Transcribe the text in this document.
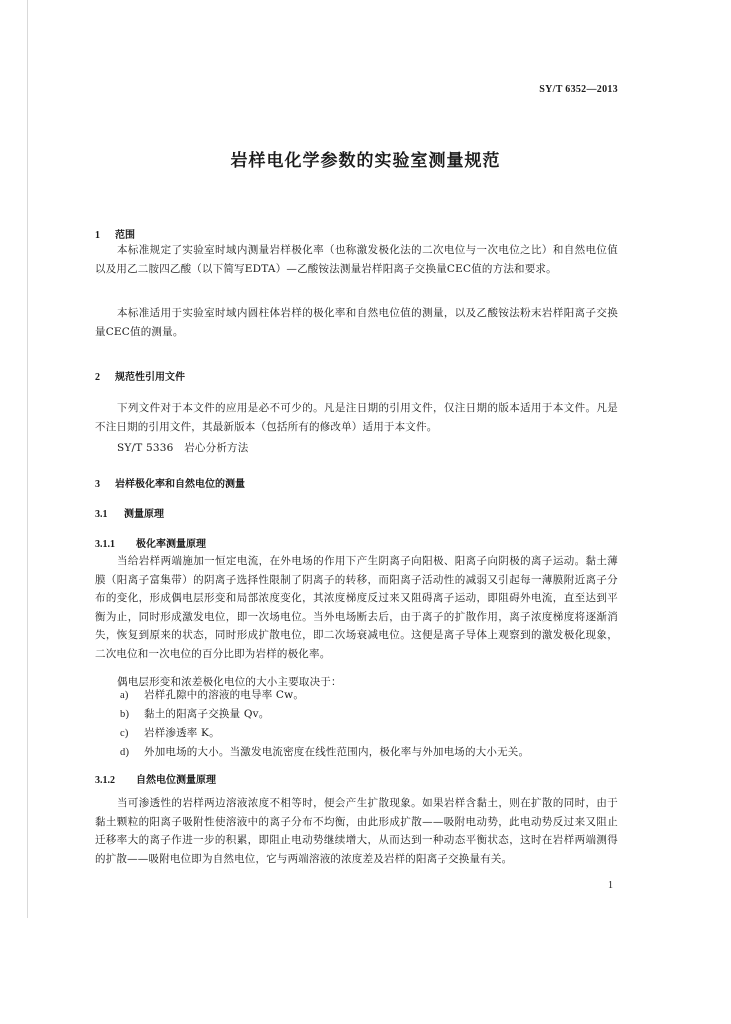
SY/T 6352—2013
岩样电化学参数的实验室测量规范
1 范围
本标准规定了实验室时域内测量岩样极化率（也称激发极化法的二次电位与一次电位之比）和自然电位值以及用乙二胺四乙酸（以下简写EDTA）—乙酸铵法测量岩样阳离子交换量CEC值的方法和要求。
本标准适用于实验室时域内圆柱体岩样的极化率和自然电位值的测量，以及乙酸铵法粉末岩样阳离子交换量CEC值的测量。
2 规范性引用文件
下列文件对于本文件的应用是必不可少的。凡是注日期的引用文件，仅注日期的版本适用于本文件。凡是不注日期的引用文件，其最新版本（包括所有的修改单）适用于本文件。
SY/T 5336　岩心分析方法
3 岩样极化率和自然电位的测量
3.1 测量原理
3.1.1 极化率测量原理
当给岩样两端施加一恒定电流，在外电场的作用下产生阴离子向阳极、阳离子向阴极的离子运动。黏土薄膜（阳离子富集带）的阴离子选择性限制了阴离子的转移，而阳离子活动性的减弱又引起每一薄膜附近离子分布的变化，形成偶电层形变和局部浓度变化，其浓度梯度反过来又阻碍离子运动，即阻碍外电流，直至达到平衡为止，同时形成激发电位，即一次场电位。当外电场断去后，由于离子的扩散作用，离子浓度梯度将逐渐消失，恢复到原来的状态，同时形成扩散电位，即二次场衰减电位。这便是离子导体上观察到的激发极化现象，二次电位和一次电位的百分比即为岩样的极化率。
偶电层形变和浓差极化电位的大小主要取决于：
a) 岩样孔隙中的溶液的电导率 Cw。
b) 黏土的阳离子交换量 Qv。
c) 岩样渗透率 K。
d) 外加电场的大小。当激发电流密度在线性范围内，极化率与外加电场的大小无关。
3.1.2 自然电位测量原理
当可渗透性的岩样两边溶液浓度不相等时，便会产生扩散现象。如果岩样含黏土，则在扩散的同时，由于黏土颗粒的阳离子吸附性使溶液中的离子分布不均衡，由此形成扩散——吸附电动势，此电动势反过来又阻止迁移率大的离子作进一步的积累，即阻止电动势继续增大，从而达到一种动态平衡状态，这时在岩样两端测得的扩散——吸附电位即为自然电位，它与两端溶液的浓度差及岩样的阳离子交换量有关。
1
